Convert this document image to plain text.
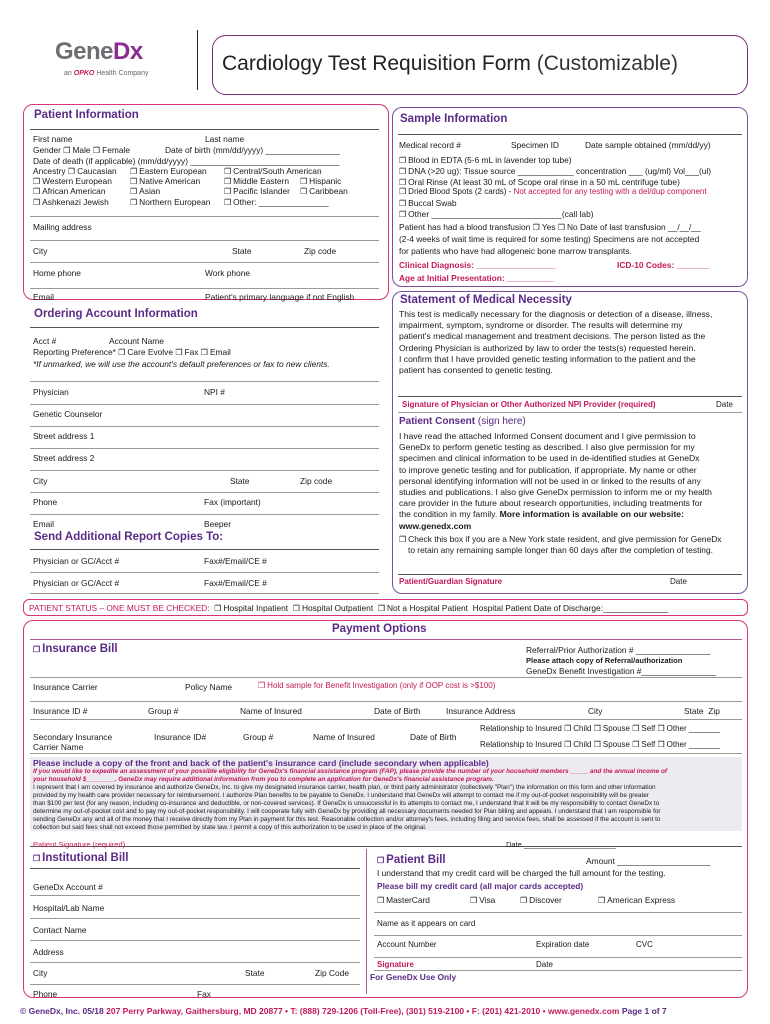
GeneDx
an OPKO Health Company	Cardiology Test Requisition Form (Customizable)
Patient Information
First name	Last name
Gender ❒ Male ❒ Female	Date of birth (mm/dd/yyyy) ________________
Date of death (if applicable) (mm/dd/yyyy) ________________________________
Ancestry ❒ Caucasian	❒ Eastern European	❒ Central/South American
❒ Western European	❒ Native American	❒ Middle Eastern	❒ Hispanic
❒ African American	❒ Asian	❒ Pacific Islander	❒ Caribbean
❒ Ashkenazi Jewish	❒ Northern European	❒ Other: _______________
Mailing address
City	State	Zip code
Home phone	Work phone
Email	Patient's primary language if not English
Sample Information
Medical record #	Specimen ID	Date sample obtained (mm/dd/yy)
❒ Blood in EDTA (5-6 mL in lavender top tube)
❒ DNA (>20 ug): Tissue source ____________ concentration ___ (ug/ml) Vol___(ul)
❒ Oral Rinse (At least 30 mL of Scope oral rinse in a 50 mL centrifuge tube)
❒ Dried Blood Spots (2 cards) - Not accepted for any testing with a del/dup component
❒ Buccal Swab
❒ Other ____________________________(call lab)
Patient has had a blood transfusion ❒ Yes ❒ No Date of last transfusion __/__/__
(2-4 weeks of wait time is required for some testing) Specimens are not accepted
for patients who have had allogeneic bone marrow transplants.
Clinical Diagnosis: _________________	ICD-10 Codes: _______
Age at Initial Presentation: __________
Ordering Account Information
Acct #	Account Name
Reporting Preference* ❒ Care Evolve ❒ Fax ❒ Email
*If unmarked, we will use the account's default preferences or fax to new clients.
Physician	NPI #
Genetic Counselor
Street address 1
Street address 2
City	State	Zip code
Phone	Fax (important)
Email	Beeper
Send Additional Report Copies To:
Physician or GC/Acct #	Fax#/Email/CE #
Physician or GC/Acct #	Fax#/Email/CE #
Statement of Medical Necessity
This test is medically necessary for the diagnosis or detection of a disease, illness,
impairment, symptom, syndrome or disorder. The results will determine my
patient's medical management and treatment decisions. The person listed as the
Ordering Physician is authorized by law to order the tests(s) requested herein.
I confirm that I have provided genetic testing information to the patient and the
patient has consented to genetic testing.
Signature of Physician or Other Authorized NPI Provider (required)	Date
Patient Consent (sign here)
I have read the attached Informed Consent document and I give permission to
GeneDx to perform genetic testing as described. I also give permission for my
specimen and clinical information to be used in de-identified studies at GeneDx
to improve genetic testing and for publication, if appropriate. My name or other
personal identifying information will not be used in or linked to the results of any
studies and publications. I also give GeneDx permission to inform me or my health
care provider in the future about research opportunities, including treatments for
the condition in my family. More information is available on our website:
www.genedx.com
❒ Check this box if you are a New York state resident, and give permission for GeneDx
to retain any remaining sample longer than 60 days after the completion of testing.
Patient/Guardian Signature	Date
PATIENT STATUS – ONE MUST BE CHECKED: ❒ Hospital Inpatient ❒ Hospital Outpatient ❒ Not a Hospital Patient Hospital Patient Date of Discharge:______________
Payment Options
❒ Insurance Bill	Referral/Prior Authorization # ________________
Please attach copy of Referral/authorization
GeneDx Benefit Investigation #________________
Insurance Carrier	Policy Name	❒ Hold sample for Benefit Investigation (only if OOP cost is >$100)
Insurance ID #	Group #	Name of Insured	Date of Birth	Insurance Address	City	State Zip
Relationship to Insured ❒ Child ❒ Spouse ❒ Self ❒ Other _______
Secondary Insurance	Insurance ID#	Group #	Name of Insured	Date of Birth
Carrier Name	Relationship to Insured ❒ Child ❒ Spouse ❒ Self ❒ Other _______
Please include a copy of the front and back of the patient's insurance card (include secondary when applicable)
If you would like to expedite an assessment of your possible eligibility for GeneDx's financial assistance program (FAP), please provide the number of your household members _____ and the annual income of
your household $________. GeneDx may require additional information from you to complete an application for GeneDx's financial assistance program.
I represent that I am covered by insurance and authorize GeneDx, Inc. to give my designated insurance carrier, health plan, or third party administrator (collectively "Plan") the information on this form and other information
provided by my health care provider necessary for reimbursement. I authorize Plan benefits to be payable to GeneDx. I understand that GeneDx will attempt to contact me if my out-of-pocket responsibility will be greater
than $100 per test (for any reason, including co-insurance and deductible, or non-covered services). If GeneDx is unsuccessful in its attempts to contact me, I understand that it will be my responsibility to contact GeneDx to
determine my out-of-pocket cost and to pay my out-of-pocket responsibility. I will cooperate fully with GeneDx by providing all necessary documents needed for Plan billing and appeals. I understand that I am responsible for
sending GeneDx any and all of the money that I receive directly from my Plan in payment for this test. Reasonable collection and/or attorney's fees, including filing and service fees, shall be assessed if the account is sent to
collection but said fees shall not exceed those permitted by state law. I permit a copy of this authorization to be used in place of the original.
Patient Signature (required)	Date ______________________
❒ Institutional Bill
GeneDx Account #
Hospital/Lab Name
Contact Name
Address
City	State	Zip Code
Phone	Fax
❒ Patient Bill	Amount ____________________
I understand that my credit card will be charged the full amount for the testing.
Please bill my credit card (all major cards accepted)
❒ MasterCard	❒ Visa	❒ Discover	❒ American Express
Name as it appears on card
Account Number	Expiration date	CVC
Signature	Date
For GeneDx Use Only
© GeneDx, Inc. 05/18 207 Perry Parkway, Gaithersburg, MD 20877 • T: (888) 729-1206 (Toll-Free), (301) 519-2100 • F: (201) 421-2010 • www.genedx.com Page 1 of 7
